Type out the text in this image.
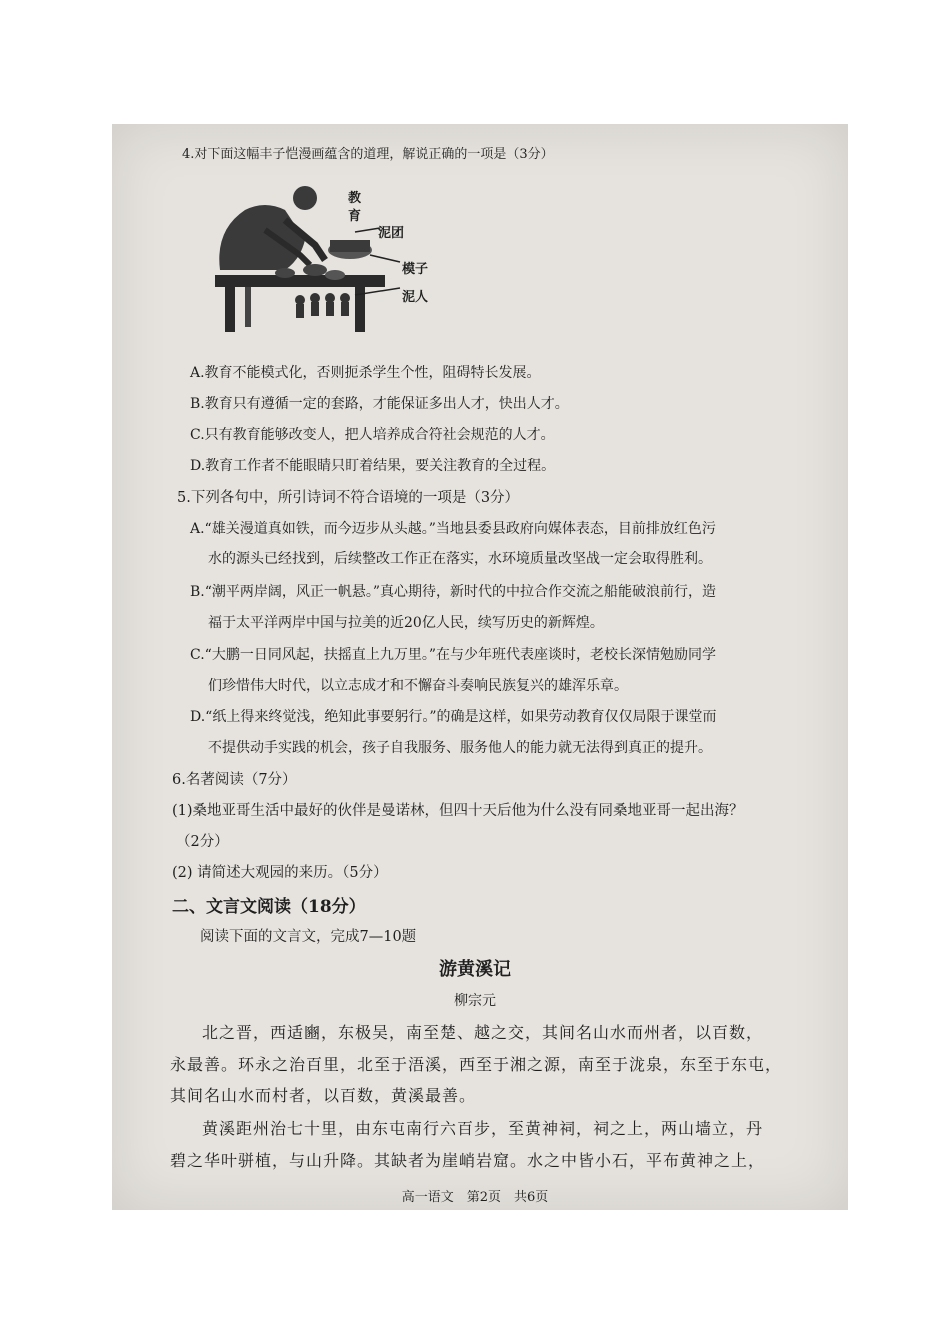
4.对下面这幅丰子恺漫画蕴含的道理，解说正确的一项是（3分）
教
育
泥团
模子
泥人
A.教育不能模式化，否则扼杀学生个性，阻碍特长发展。
B.教育只有遵循一定的套路，才能保证多出人才，快出人才。
C.只有教育能够改变人，把人培养成合符社会规范的人才。
D.教育工作者不能眼睛只盯着结果，要关注教育的全过程。
5.下列各句中，所引诗词不符合语境的一项是（3分）
A.“雄关漫道真如铁，而今迈步从头越。”当地县委县政府向媒体表态，目前排放红色污
水的源头已经找到，后续整改工作正在落实，水环境质量改坚战一定会取得胜利。
B.“潮平两岸阔，风正一帆悬。”真心期待，新时代的中拉合作交流之船能破浪前行，造
福于太平洋两岸中国与拉美的近20亿人民，续写历史的新辉煌。
C.“大鹏一日同风起，扶摇直上九万里。”在与少年班代表座谈时，老校长深情勉励同学
们珍惜伟大时代，以立志成才和不懈奋斗奏响民族复兴的雄浑乐章。
D.“纸上得来终觉浅，绝知此事要躬行。”的确是这样，如果劳动教育仅仅局限于课堂而
不提供动手实践的机会，孩子自我服务、服务他人的能力就无法得到真正的提升。
6.名著阅读（7分）
(1)桑地亚哥生活中最好的伙伴是曼诺林，但四十天后他为什么没有同桑地亚哥一起出海？
（2分）
(2) 请简述大观园的来历。（5分）
二、文言文阅读（18分）
阅读下面的文言文，完成7—10题
游黄溪记
柳宗元
北之晋，西适豳，东极吴，南至楚、越之交，其间名山水而州者，以百数，
永最善。环永之治百里，北至于浯溪，西至于湘之源，南至于泷泉，东至于东屯，
其间名山水而村者，以百数，黄溪最善。
黄溪距州治七十里，由东屯南行六百步，至黄神祠，祠之上，两山墙立，丹
碧之华叶骈植，与山升降。其缺者为崖峭岩窟。水之中皆小石，平布黄神之上，
高一语文　第2页　共6页
